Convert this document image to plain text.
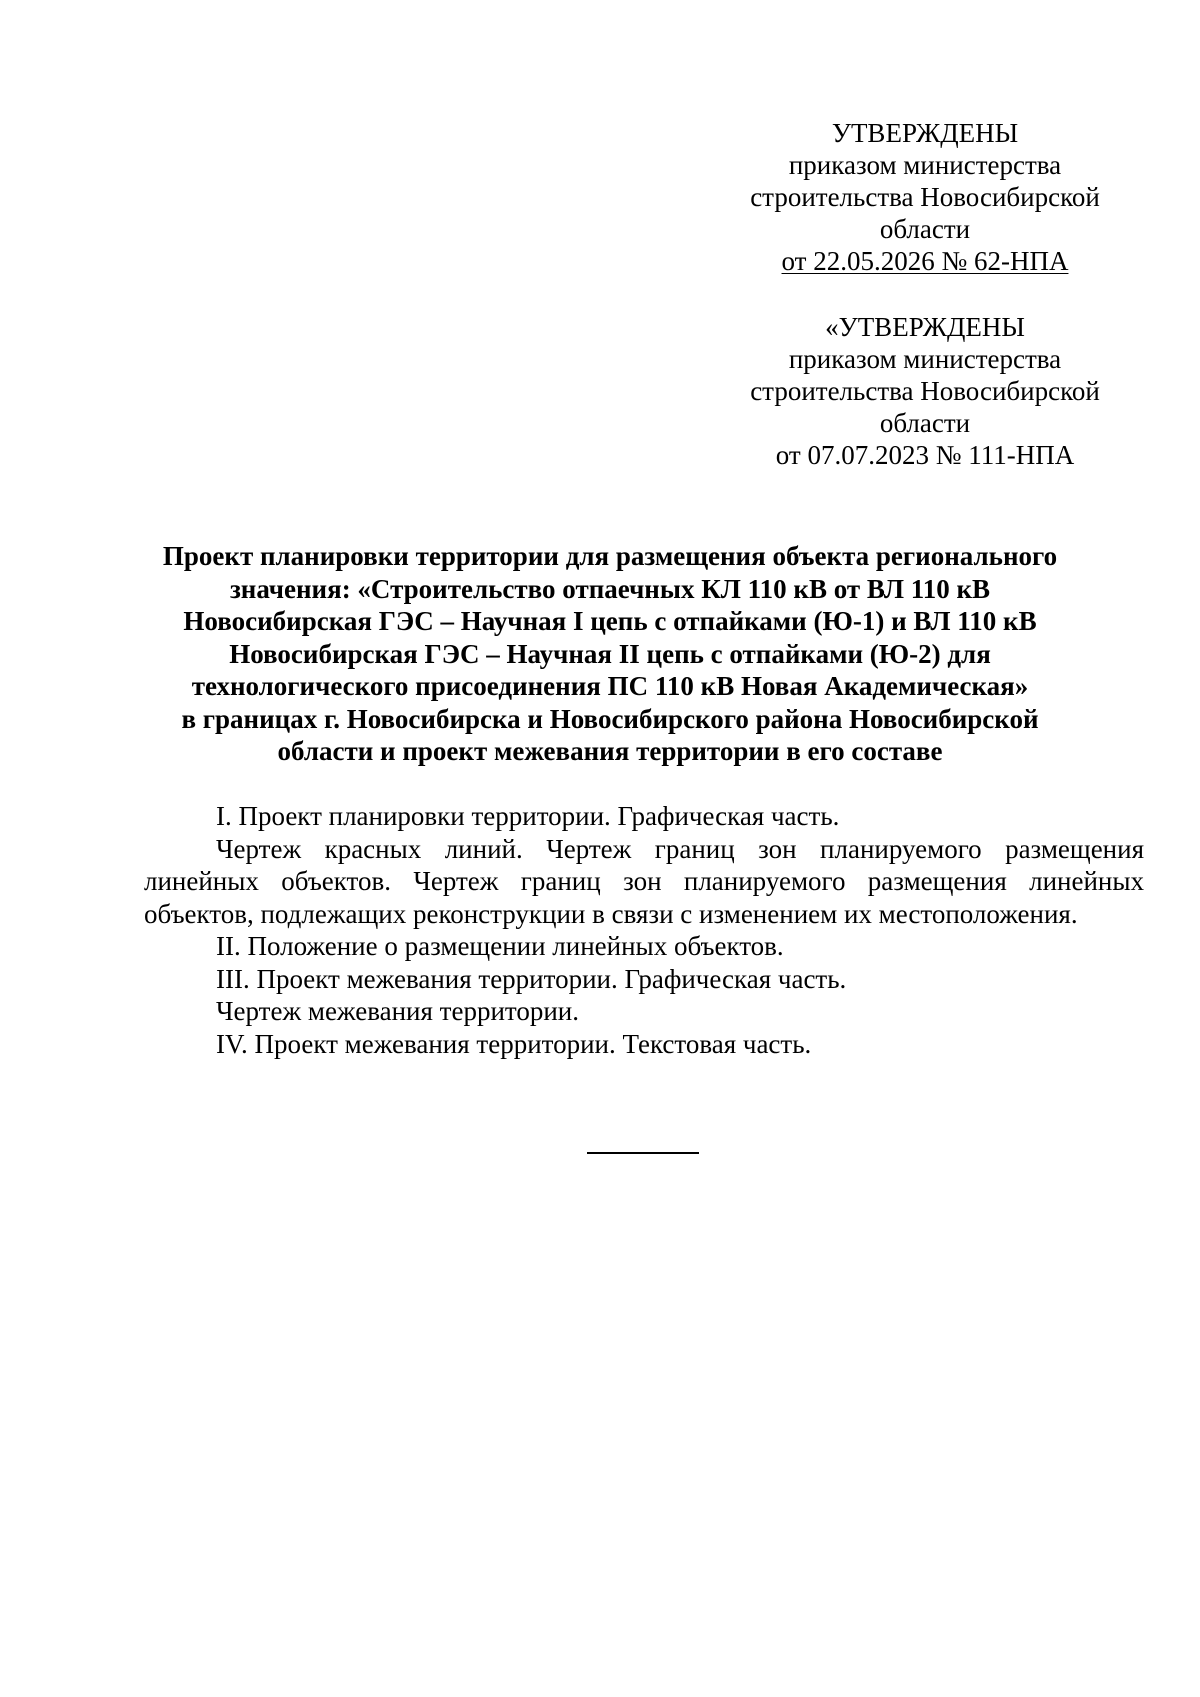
УТВЕРЖДЕНЫ
приказом министерства
строительства Новосибирской
области
от 22.05.2026 № 62-НПА
«УТВЕРЖДЕНЫ
приказом министерства
строительства Новосибирской
области
от 07.07.2023 № 111-НПА
Проект планировки территории для размещения объекта регионального
значения: «Строительство отпаечных КЛ 110 кВ от ВЛ 110 кВ
Новосибирская ГЭС – Научная I цепь с отпайками (Ю-1) и ВЛ 110 кВ
Новосибирская ГЭС – Научная II цепь с отпайками (Ю-2) для
технологического присоединения ПС 110 кВ Новая Академическая»
в границах г. Новосибирска и Новосибирского района Новосибирской
области и проект межевания территории в его составе
I. Проект планировки территории. Графическая часть.
Чертеж красных линий. Чертеж границ зон планируемого размещения
линейных объектов. Чертеж границ зон планируемого размещения линейных
объектов, подлежащих реконструкции в связи с изменением их местоположения.
II. Положение о размещении линейных объектов.
III. Проект межевания территории. Графическая часть.
Чертеж межевания территории.
IV. Проект межевания территории. Текстовая часть.
